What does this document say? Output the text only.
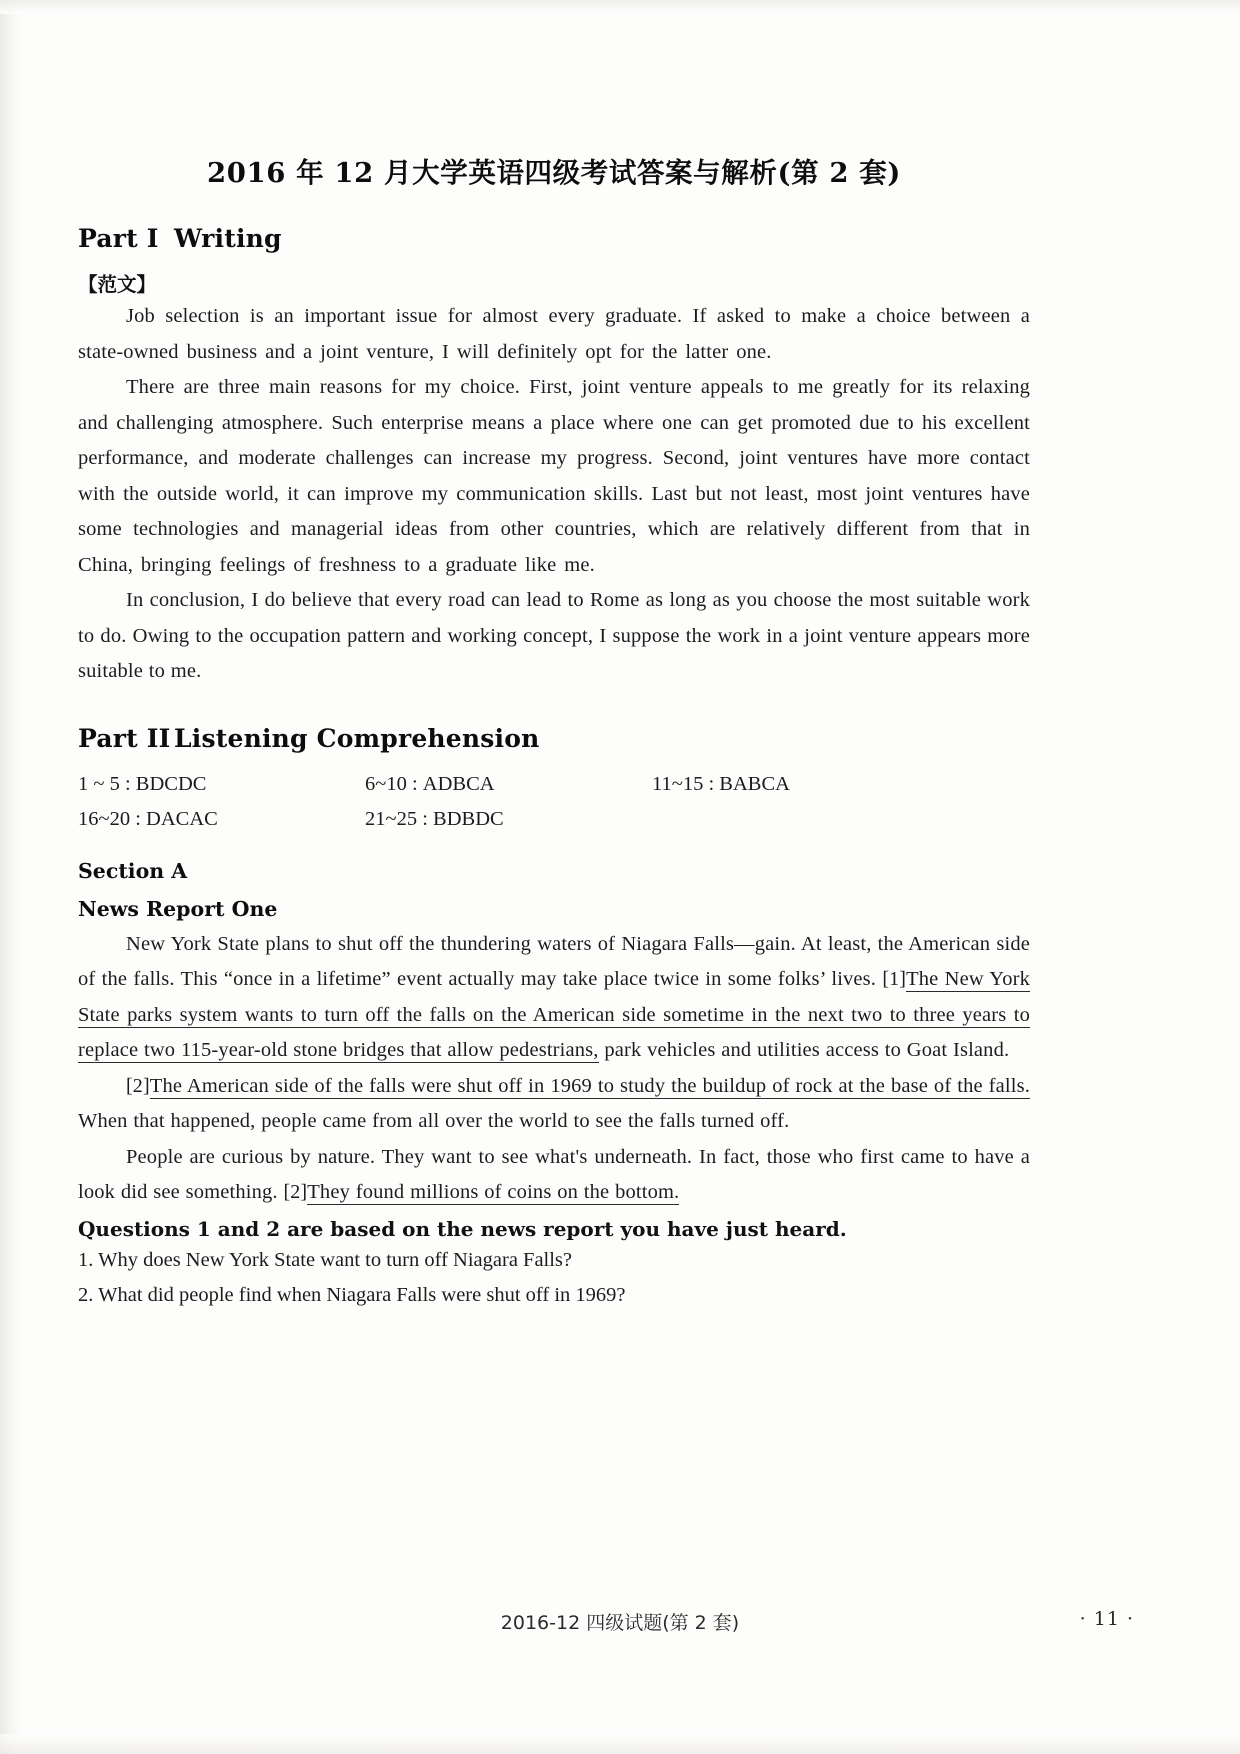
2016 年 12 月大学英语四级考试答案与解析(第 2 套)
Part I Writing
【范文】

Job selection is an important issue for almost every graduate. If asked to make a choice between a state-owned business and a joint venture, I will definitely opt for the latter one.

There are three main reasons for my choice. First, joint venture appeals to me greatly for its relaxing and challenging atmosphere. Such enterprise means a place where one can get promoted due to his excellent performance, and moderate challenges can increase my progress. Second, joint ventures have more contact with the outside world, it can improve my communication skills. Last but not least, most joint ventures have some technologies and managerial ideas from other countries, which are relatively different from that in China, bringing feelings of freshness to a graduate like me.

In conclusion, I do believe that every road can lead to Rome as long as you choose the most suitable work to do. Owing to the occupation pattern and working concept, I suppose the work in a joint venture appears more suitable to me.

Part II Listening Comprehension
1 ~ 5 : BDCDC	6~10 : ADBCA	11~15 : BABCA
16~20 : DACAC	21~25 : BDBDC
Section A
News Report One

New York State plans to shut off the thundering waters of Niagara Falls—gain. At least, the American side of the falls. This “once in a lifetime” event actually may take place twice in some folks’ lives. [1]The New York State parks system wants to turn off the falls on the American side sometime in the next two to three years to replace two 115-year-old stone bridges that allow pedestrians, park vehicles and utilities access to Goat Island.

[2]The American side of the falls were shut off in 1969 to study the buildup of rock at the base of the falls. When that happened, people came from all over the world to see the falls turned off.

People are curious by nature. They want to see what's underneath. In fact, those who first came to have a look did see something. [2]They found millions of coins on the bottom.

Questions 1 and 2 are based on the news report you have just heard.

1. Why does New York State want to turn off Niagara Falls?

2. What did people find when Niagara Falls were shut off in 1969?

2016-12 四级试题(第 2 套)	· 11 ·
